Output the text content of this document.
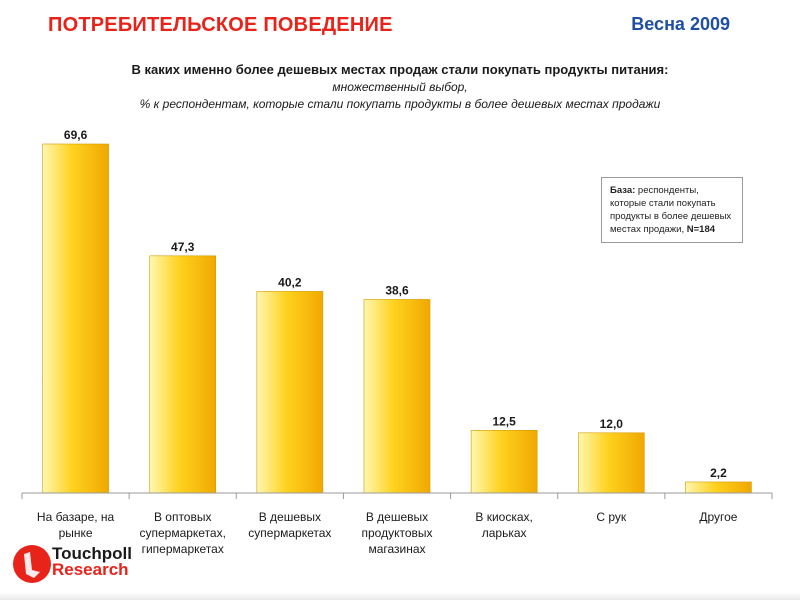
ПОТРЕБИТЕЛЬСКОЕ ПОВЕДЕНИЕ	Весна 2009
В каких именно более дешевых местах продаж стали покупать продукты питания:
множественный выбор,
% к респондентам, которые стали покупать продукты в более дешевых местах продажи
69,6
47,3
40,2
38,6
12,5	12,0
2,2
На базаре, на рынке
В оптовых супермаркетах, гипермаркетах
В дешевых супермаркетах
В дешевых продуктовых магазинах
В киосках, ларьках
С рук	Другое
База: респонденты, которые стали покупать продукты в более дешевых местах продажи, N=184
Touchpoll
Research
